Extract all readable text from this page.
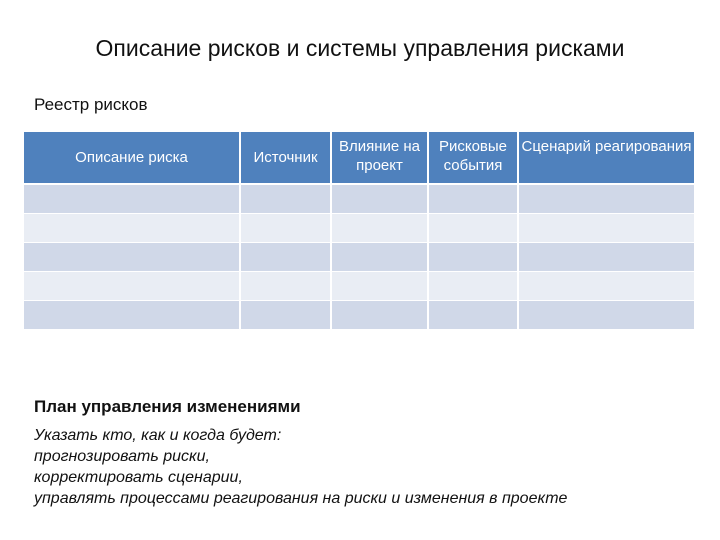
Описание рисков и системы управления рисками
Реестр рисков
Описание риска	Источник	Влияние на проект	Рисковые события	Сценарий реагирования

План управления изменениями
Указать кто, как и когда будет:
прогнозировать риски,
корректировать сценарии,
управлять процессами реагирования на риски и изменения в проекте
